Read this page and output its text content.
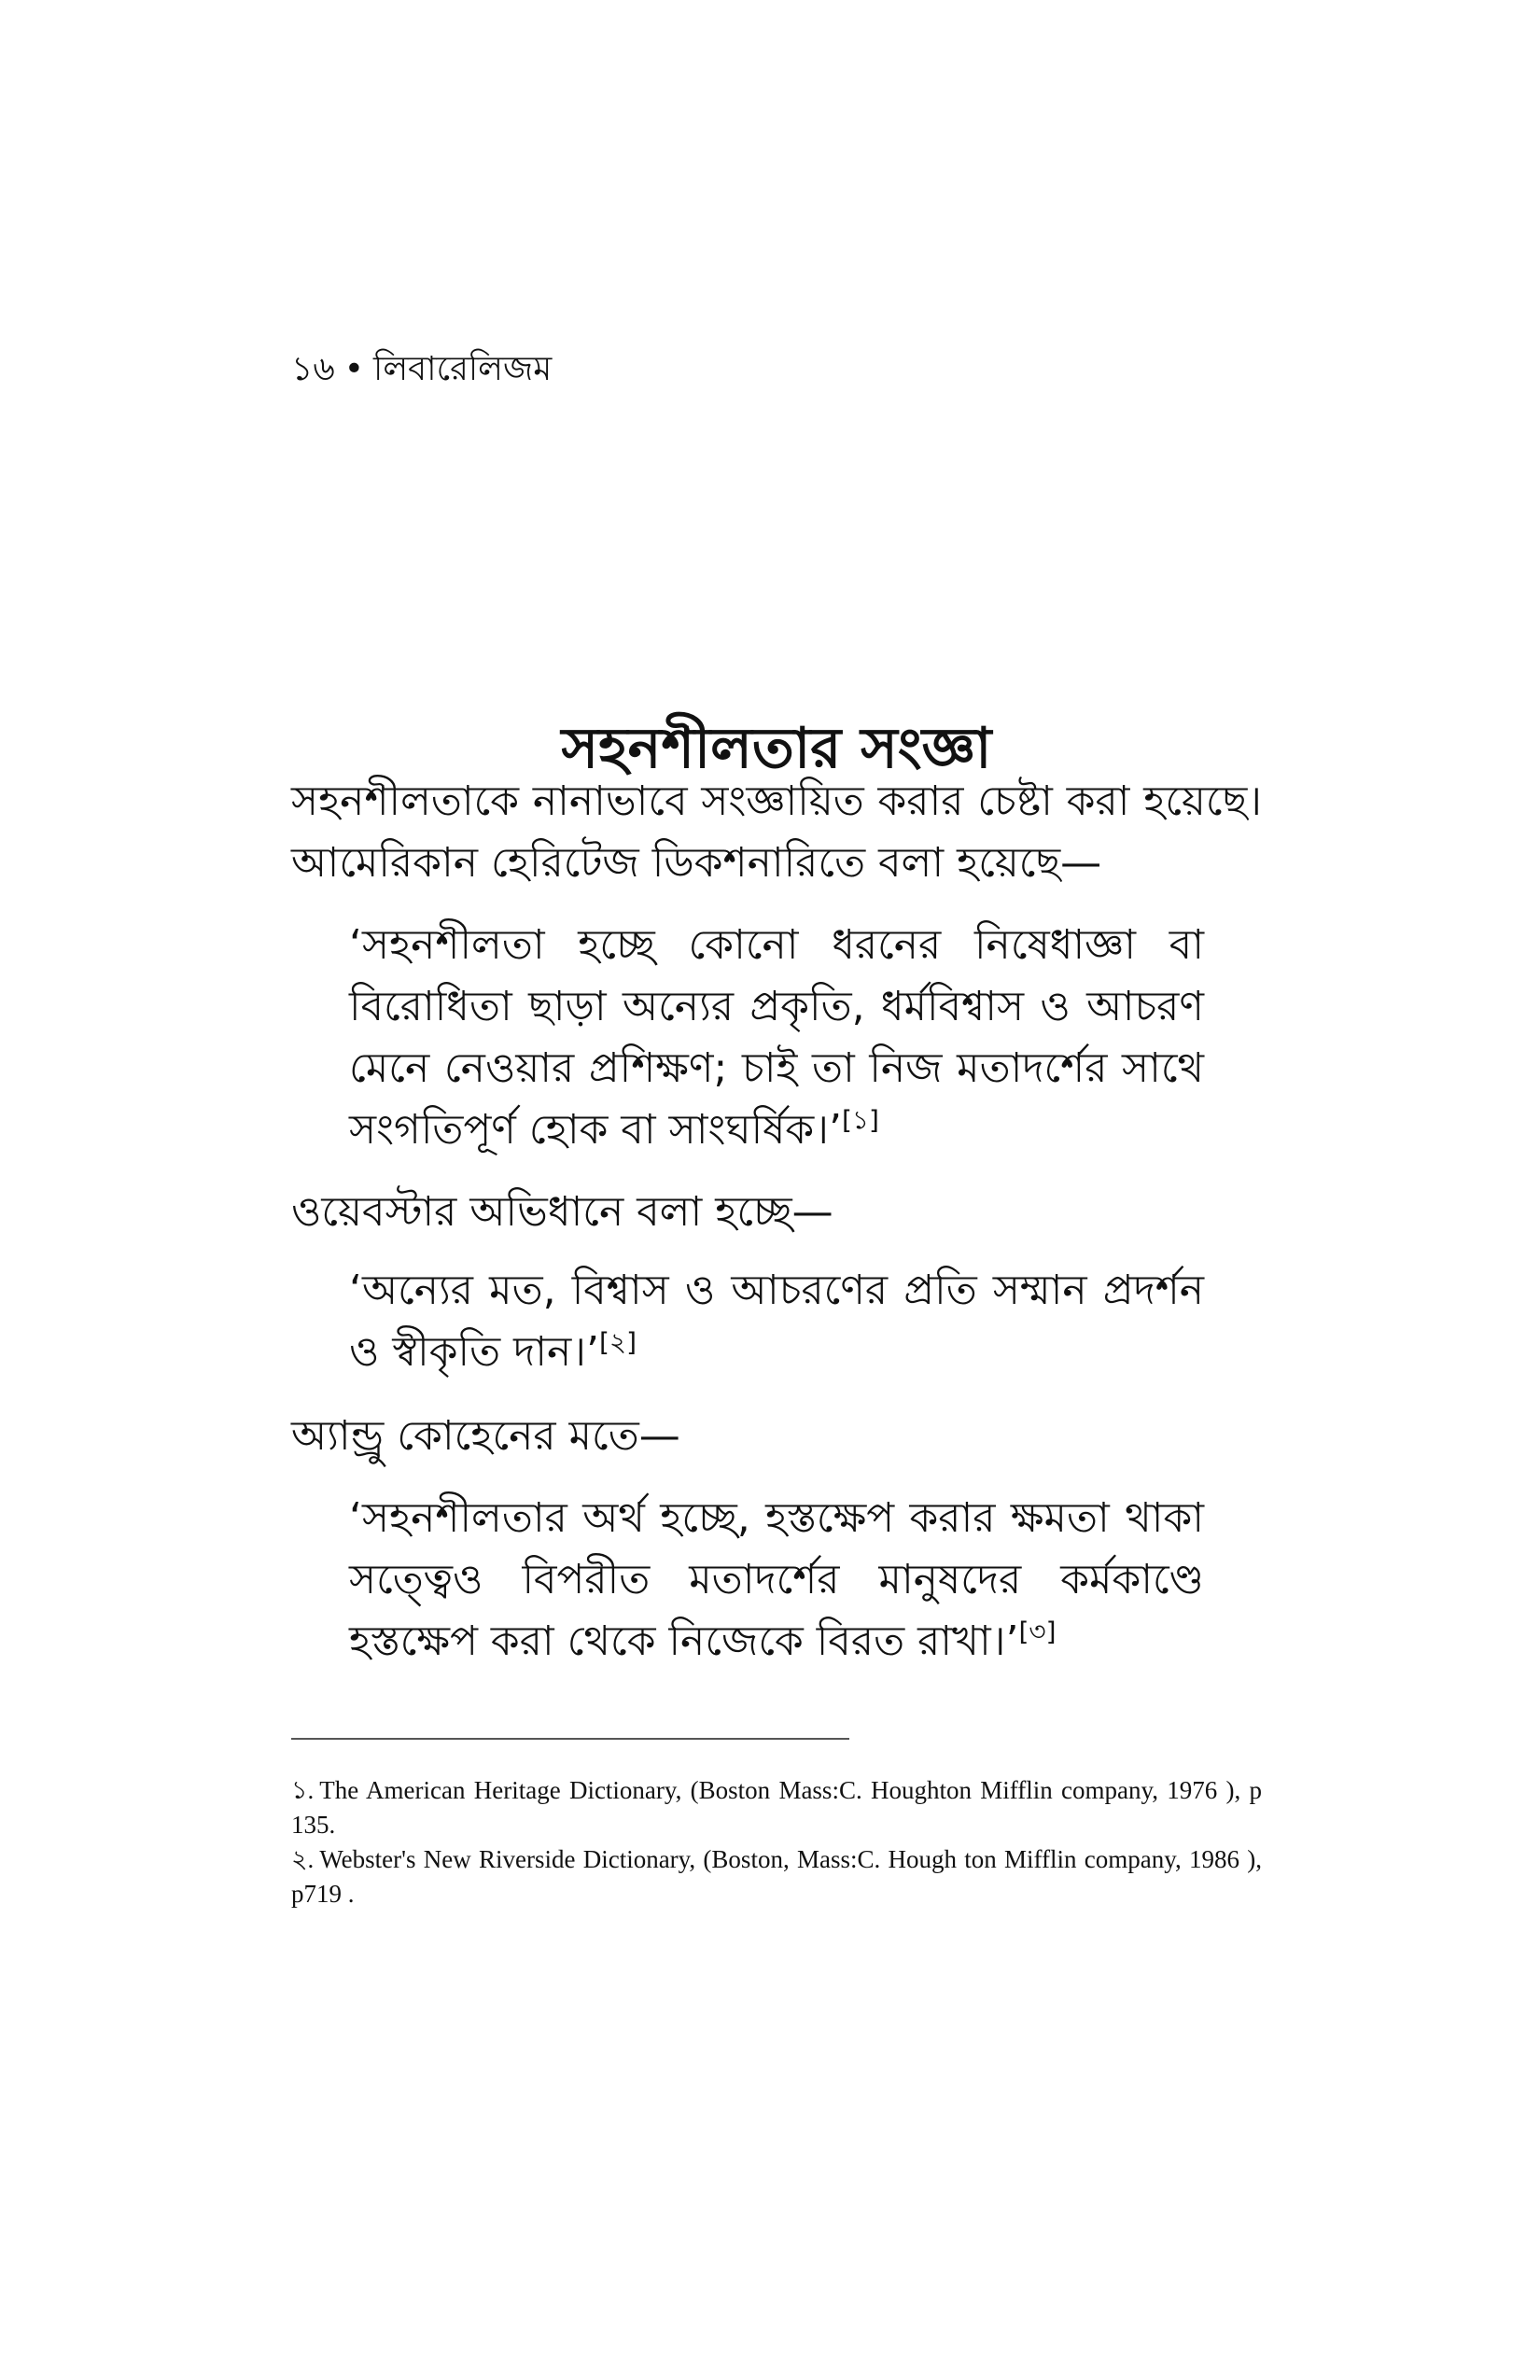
১৬ • লিবারেলিজম
সহনশীলতার সংজ্ঞা

সহনশীলতাকে নানাভাবে সংজ্ঞায়িত করার চেষ্টা করা হয়েছে। আমেরিকান হেরিটেজ ডিকশনারিতে বলা হয়েছে—

‘সহনশীলতা হচ্ছে কোনো ধরনের নিষেধাজ্ঞা বা বিরোধিতা ছাড়া অন্যের প্রকৃতি, ধর্মবিশ্বাস ও আচরণ মেনে নেওয়ার প্রশিক্ষণ; চাই তা নিজ মতাদর্শের সাথে সংগতিপূর্ণ হোক বা সাংঘর্ষিক।’[১]

ওয়েবস্টার অভিধানে বলা হচ্ছে—

‘অন্যের মত, বিশ্বাস ও আচরণের প্রতি সম্মান প্রদর্শন ও স্বীকৃতি দান।’[২]

অ্যান্ড্রু কোহেনের মতে—

‘সহনশীলতার অর্থ হচ্ছে, হস্তক্ষেপ করার ক্ষমতা থাকা সত্ত্বেও বিপরীত মতাদর্শের মানুষদের কর্মকাণ্ডে হস্তক্ষেপ করা থেকে নিজেকে বিরত রাখা।’[৩]

১. The American Heritage Dictionary, (Boston Mass:C. Houghton Mifflin company, 1976 ), p 135.

২. Webster's New Riverside Dictionary, (Boston, Mass:C. Hough ton Mifflin company, 1986 ), p719 .
